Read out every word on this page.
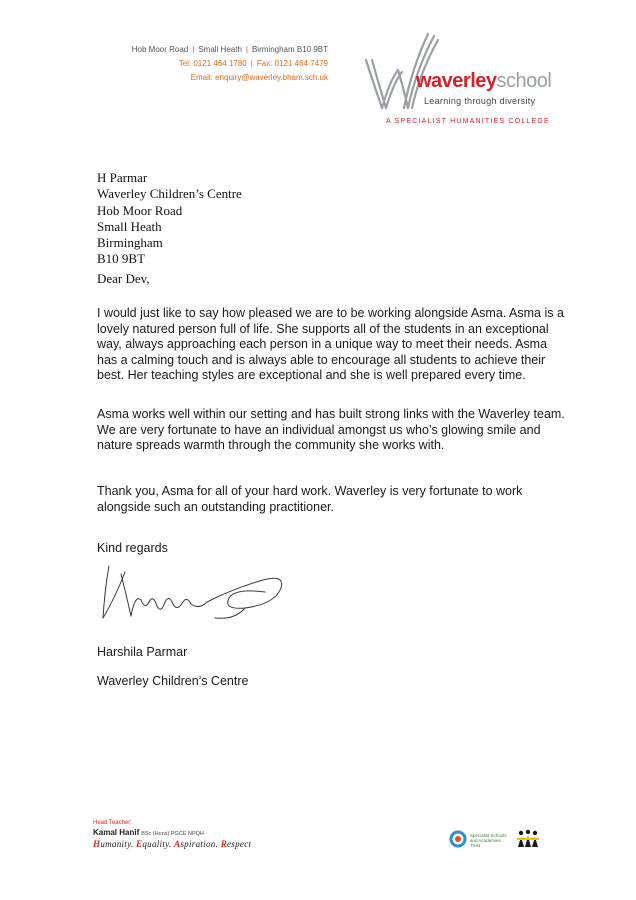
Hob Moor Road | Small Heath | Birmingham B10 9BT
Tel: 0121 464 1780 | Fax: 0121 464 7479
Email: enquiry@waverley.bham.sch.uk	waverleyschool
Learning through diversity
A SPECIALIST HUMANITIES COLLEGE
H Parmar
Waverley Children’s Centre
Hob Moor Road
Small Heath
Birmingham
B10 9BT
Dear Dev,

I would just like to say how pleased we are to be working alongside Asma. Asma is a lovely natured person full of life. She supports all of the students in an exceptional way, always approaching each person in a unique way to meet their needs. Asma has a calming touch and is always able to encourage all students to achieve their best. Her teaching styles are exceptional and she is well prepared every time.

Asma works well within our setting and has built strong links with the Waverley team. We are very fortunate to have an individual amongst us who’s glowing smile and nature spreads warmth through the community she works with.

Thank you, Asma for all of your hard work. Waverley is very fortunate to work alongside such an outstanding practitioner.

Kind regards
Harshila Parmar
Waverley Children’s Centre
Head Teacher:
Kamal Hanif BSc (Hons) PGCE NPQH
Humanity. Equality. Aspiration. Respect
Specialist Schools and Academies Trust
